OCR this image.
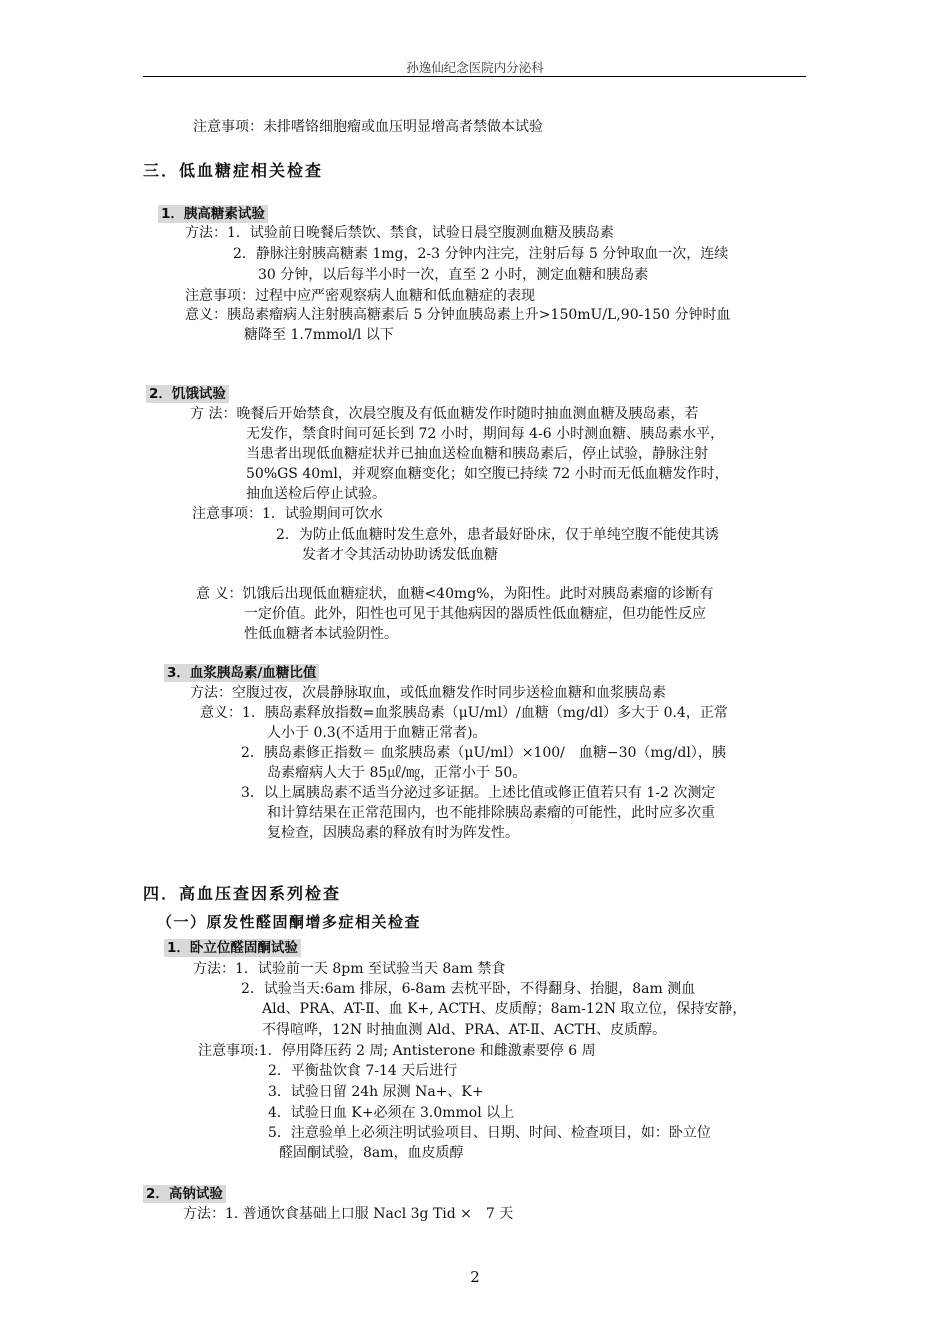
孙逸仙纪念医院内分泌科
注意事项：未排嗜铬细胞瘤或血压明显增高者禁做本试验
三．低血糖症相关检查
1．胰高糖素试验
方法：1．试验前日晚餐后禁饮、禁食，试验日晨空腹测血糖及胰岛素
2．静脉注射胰高糖素 1mg，2-3 分钟内注完，注射后每 5 分钟取血一次，连续
30 分钟，以后每半小时一次，直至 2 小时，测定血糖和胰岛素
注意事项：过程中应严密观察病人血糖和低血糖症的表现
意义：胰岛素瘤病人注射胰高糖素后 5 分钟血胰岛素上升>150mU/L,90-150 分钟时血
糖降至 1.7mmol/l 以下
2．饥饿试验
方 法：晚餐后开始禁食，次晨空腹及有低血糖发作时随时抽血测血糖及胰岛素，若
无发作，禁食时间可延长到 72 小时，期间每 4-6 小时测血糖、胰岛素水平，
当患者出现低血糖症状并已抽血送检血糖和胰岛素后，停止试验，静脉注射
50%GS 40ml，并观察血糖变化；如空腹已持续 72 小时而无低血糖发作时，
抽血送检后停止试验。
注意事项：1．试验期间可饮水
2．为防止低血糖时发生意外，患者最好卧床，仅于单纯空腹不能使其诱
发者才令其活动协助诱发低血糖
意 义：饥饿后出现低血糖症状，血糖<40mg%，为阳性。此时对胰岛素瘤的诊断有
一定价值。此外，阳性也可见于其他病因的器质性低血糖症，但功能性反应
性低血糖者本试验阴性。
3．血浆胰岛素/血糖比值
方法：空腹过夜，次晨静脉取血，或低血糖发作时同步送检血糖和血浆胰岛素
意义：1．胰岛素释放指数=血浆胰岛素（μU/ml）/血糖（mg/dl）多大于 0.4，正常
人小于 0.3(不适用于血糖正常者)。
2．胰岛素修正指数＝ 血浆胰岛素（μU/ml）×100/　血糖−30（mg/dl），胰
岛素瘤病人大于 85㎕/㎎，正常小于 50。
3．以上属胰岛素不适当分泌过多证据。上述比值或修正值若只有 1-2 次测定
和计算结果在正常范围内，也不能排除胰岛素瘤的可能性，此时应多次重
复检查，因胰岛素的释放有时为阵发性。
四．高血压查因系列检查
（一）原发性醛固酮增多症相关检查
1．卧立位醛固酮试验
方法：1．试验前一天 8pm 至试验当天 8am 禁食
2．试验当天:6am 排尿，6-8am 去枕平卧，不得翻身、抬腿，8am 测血
Ald、PRA、AT-Ⅱ、血 K+, ACTH、皮质醇；8am-12N 取立位，保持安静，
不得喧哗，12N 时抽血测 Ald、PRA、AT-Ⅱ、ACTH、皮质醇。
注意事项:1．停用降压药 2 周; Antisterone 和雌激素要停 6 周
2．平衡盐饮食 7-14 天后进行
3．试验日留 24h 尿测 Na+、K+
4．试验日血 K+必须在 3.0mmol 以上
5．注意验单上必须注明试验项目、日期、时间、检查项目，如：卧立位
醛固酮试验，8am，血皮质醇
2．高钠试验
方法：1. 普通饮食基础上口服 Nacl 3g Tid ×　7 天
2
